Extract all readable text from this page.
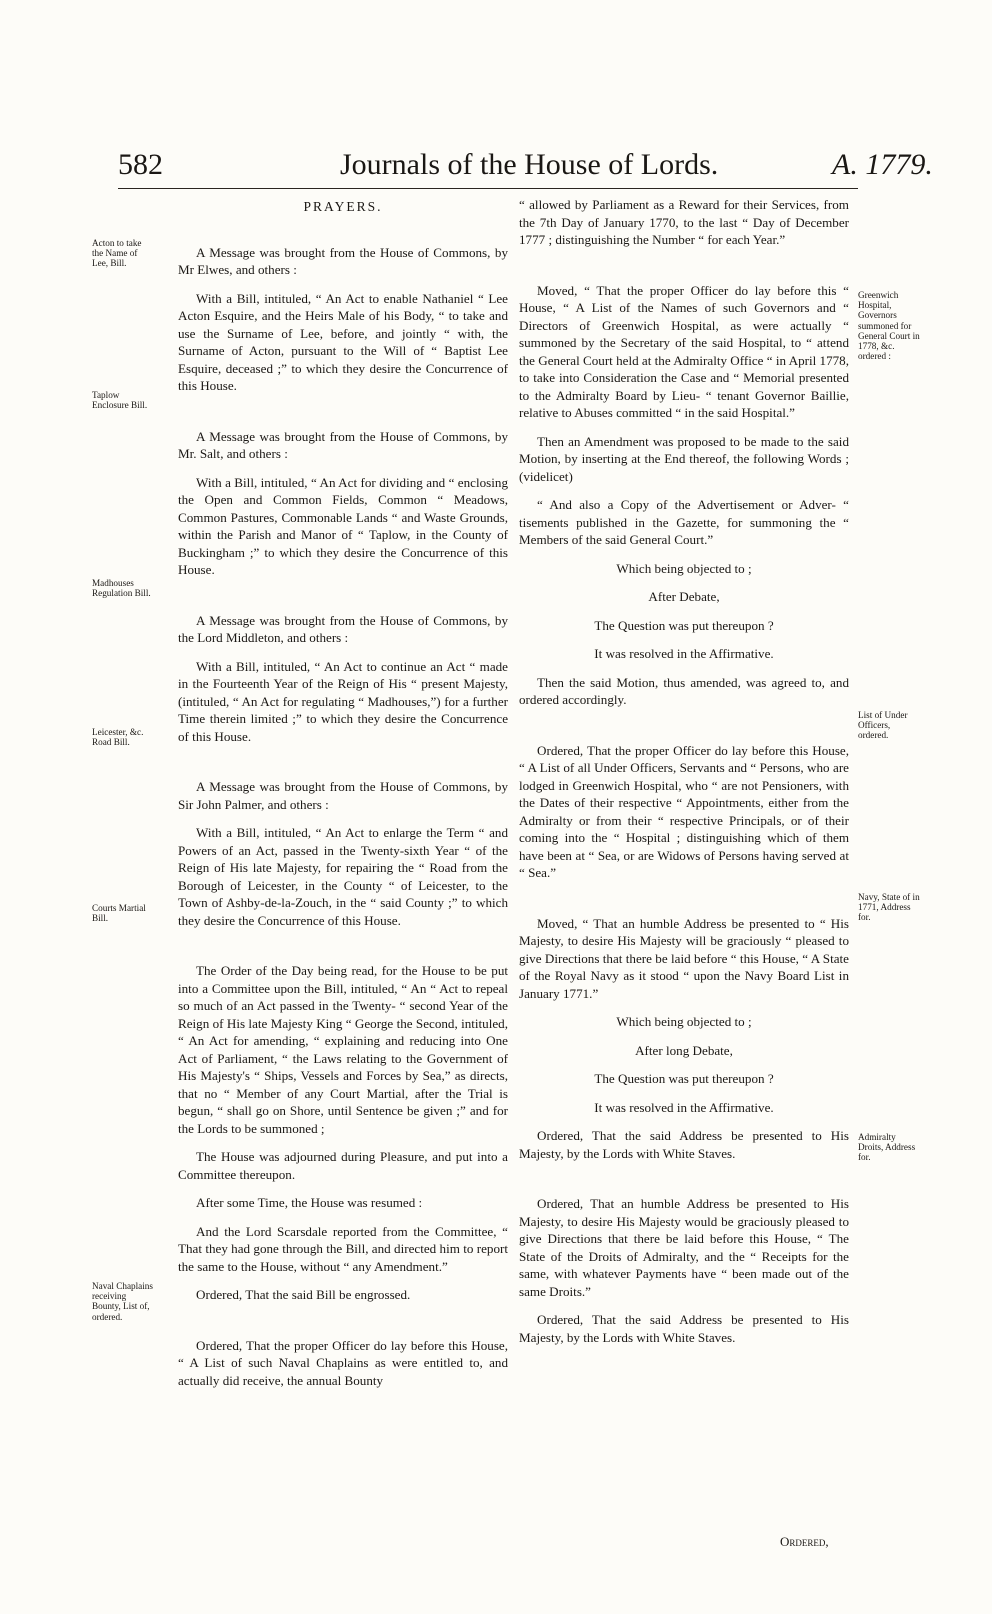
582	Journals of the House of Lords.	A. 1779.
Acton to take the Name of Lee, Bill.
Taplow Enclosure Bill.
Madhouses Regulation Bill.
Leicester, &c. Road Bill.
Courts Martial Bill.
Naval Chaplains receiving Bounty, List of, ordered.
Greenwich Hospital, Governors summoned for General Court in 1778, &c. ordered :
List of Under Officers, ordered.
Navy, State of in 1771, Address for.
Admiralty Droits, Address for.
PRAYERS.

A Message was brought from the House of Commons, by Mr Elwes, and others :

With a Bill, intituled, “ An Act to enable Nathaniel “ Lee Acton Esquire, and the Heirs Male of his Body, “ to take and use the Surname of Lee, before, and jointly “ with, the Surname of Acton, pursuant to the Will of “ Baptist Lee Esquire, deceased ;” to which they desire the Concurrence of this House.

A Message was brought from the House of Commons, by Mr. Salt, and others :

With a Bill, intituled, “ An Act for dividing and “ enclosing the Open and Common Fields, Common “ Meadows, Common Pastures, Commonable Lands “ and Waste Grounds, within the Parish and Manor of “ Taplow, in the County of Buckingham ;” to which they desire the Concurrence of this House.

A Message was brought from the House of Commons, by the Lord Middleton, and others :

With a Bill, intituled, “ An Act to continue an Act “ made in the Fourteenth Year of the Reign of His “ present Majesty, (intituled, “ An Act for regulating “ Madhouses,”) for a further Time therein limited ;” to which they desire the Concurrence of this House.

A Message was brought from the House of Commons, by Sir John Palmer, and others :

With a Bill, intituled, “ An Act to enlarge the Term “ and Powers of an Act, passed in the Twenty-sixth Year “ of the Reign of His late Majesty, for repairing the “ Road from the Borough of Leicester, in the County “ of Leicester, to the Town of Ashby-de-la-Zouch, in the “ said County ;” to which they desire the Concurrence of this House.

The Order of the Day being read, for the House to be put into a Committee upon the Bill, intituled, “ An “ Act to repeal so much of an Act passed in the Twenty- “ second Year of the Reign of His late Majesty King “ George the Second, intituled, “ An Act for amending, “ explaining and reducing into One Act of Parliament, “ the Laws relating to the Government of His Majesty's “ Ships, Vessels and Forces by Sea,” as directs, that no “ Member of any Court Martial, after the Trial is begun, “ shall go on Shore, until Sentence be given ;” and for the Lords to be summoned ;

The House was adjourned during Pleasure, and put into a Committee thereupon.

After some Time, the House was resumed :

And the Lord Scarsdale reported from the Committee, “ That they had gone through the Bill, and directed him to report the same to the House, without “ any Amendment.”

Ordered, That the said Bill be engrossed.

Ordered, That the proper Officer do lay before this House, “ A List of such Naval Chaplains as were entitled to, and actually did receive, the annual Bounty

“ allowed by Parliament as a Reward for their Services, from the 7th Day of January 1770, to the last “ Day of December 1777 ; distinguishing the Number “ for each Year.”

Moved, “ That the proper Officer do lay before this “ House, “ A List of the Names of such Governors and “ Directors of Greenwich Hospital, as were actually “ summoned by the Secretary of the said Hospital, to “ attend the General Court held at the Admiralty Office “ in April 1778, to take into Consideration the Case and “ Memorial presented to the Admiralty Board by Lieu- “ tenant Governor Baillie, relative to Abuses committed “ in the said Hospital.”

Then an Amendment was proposed to be made to the said Motion, by inserting at the End thereof, the following Words ; (videlicet)

“ And also a Copy of the Advertisement or Adver- “ tisements published in the Gazette, for summoning the “ Members of the said General Court.”

Which being objected to ;

After Debate,

The Question was put thereupon ?

It was resolved in the Affirmative.

Then the said Motion, thus amended, was agreed to, and ordered accordingly.

Ordered, That the proper Officer do lay before this House, “ A List of all Under Officers, Servants and “ Persons, who are lodged in Greenwich Hospital, who “ are not Pensioners, with the Dates of their respective “ Appointments, either from the Admiralty or from their “ respective Principals, or of their coming into the “ Hospital ; distinguishing which of them have been at “ Sea, or are Widows of Persons having served at “ Sea.”

Moved, “ That an humble Address be presented to “ His Majesty, to desire His Majesty will be graciously “ pleased to give Directions that there be laid before “ this House, “ A State of the Royal Navy as it stood “ upon the Navy Board List in January 1771.”

Which being objected to ;

After long Debate,

The Question was put thereupon ?

It was resolved in the Affirmative.

Ordered, That the said Address be presented to His Majesty, by the Lords with White Staves.

Ordered, That an humble Address be presented to His Majesty, to desire His Majesty would be graciously pleased to give Directions that there be laid before this House, “ The State of the Droits of Admiralty, and the “ Receipts for the same, with whatever Payments have “ been made out of the same Droits.”

Ordered, That the said Address be presented to His Majesty, by the Lords with White Staves.

Ordered,
